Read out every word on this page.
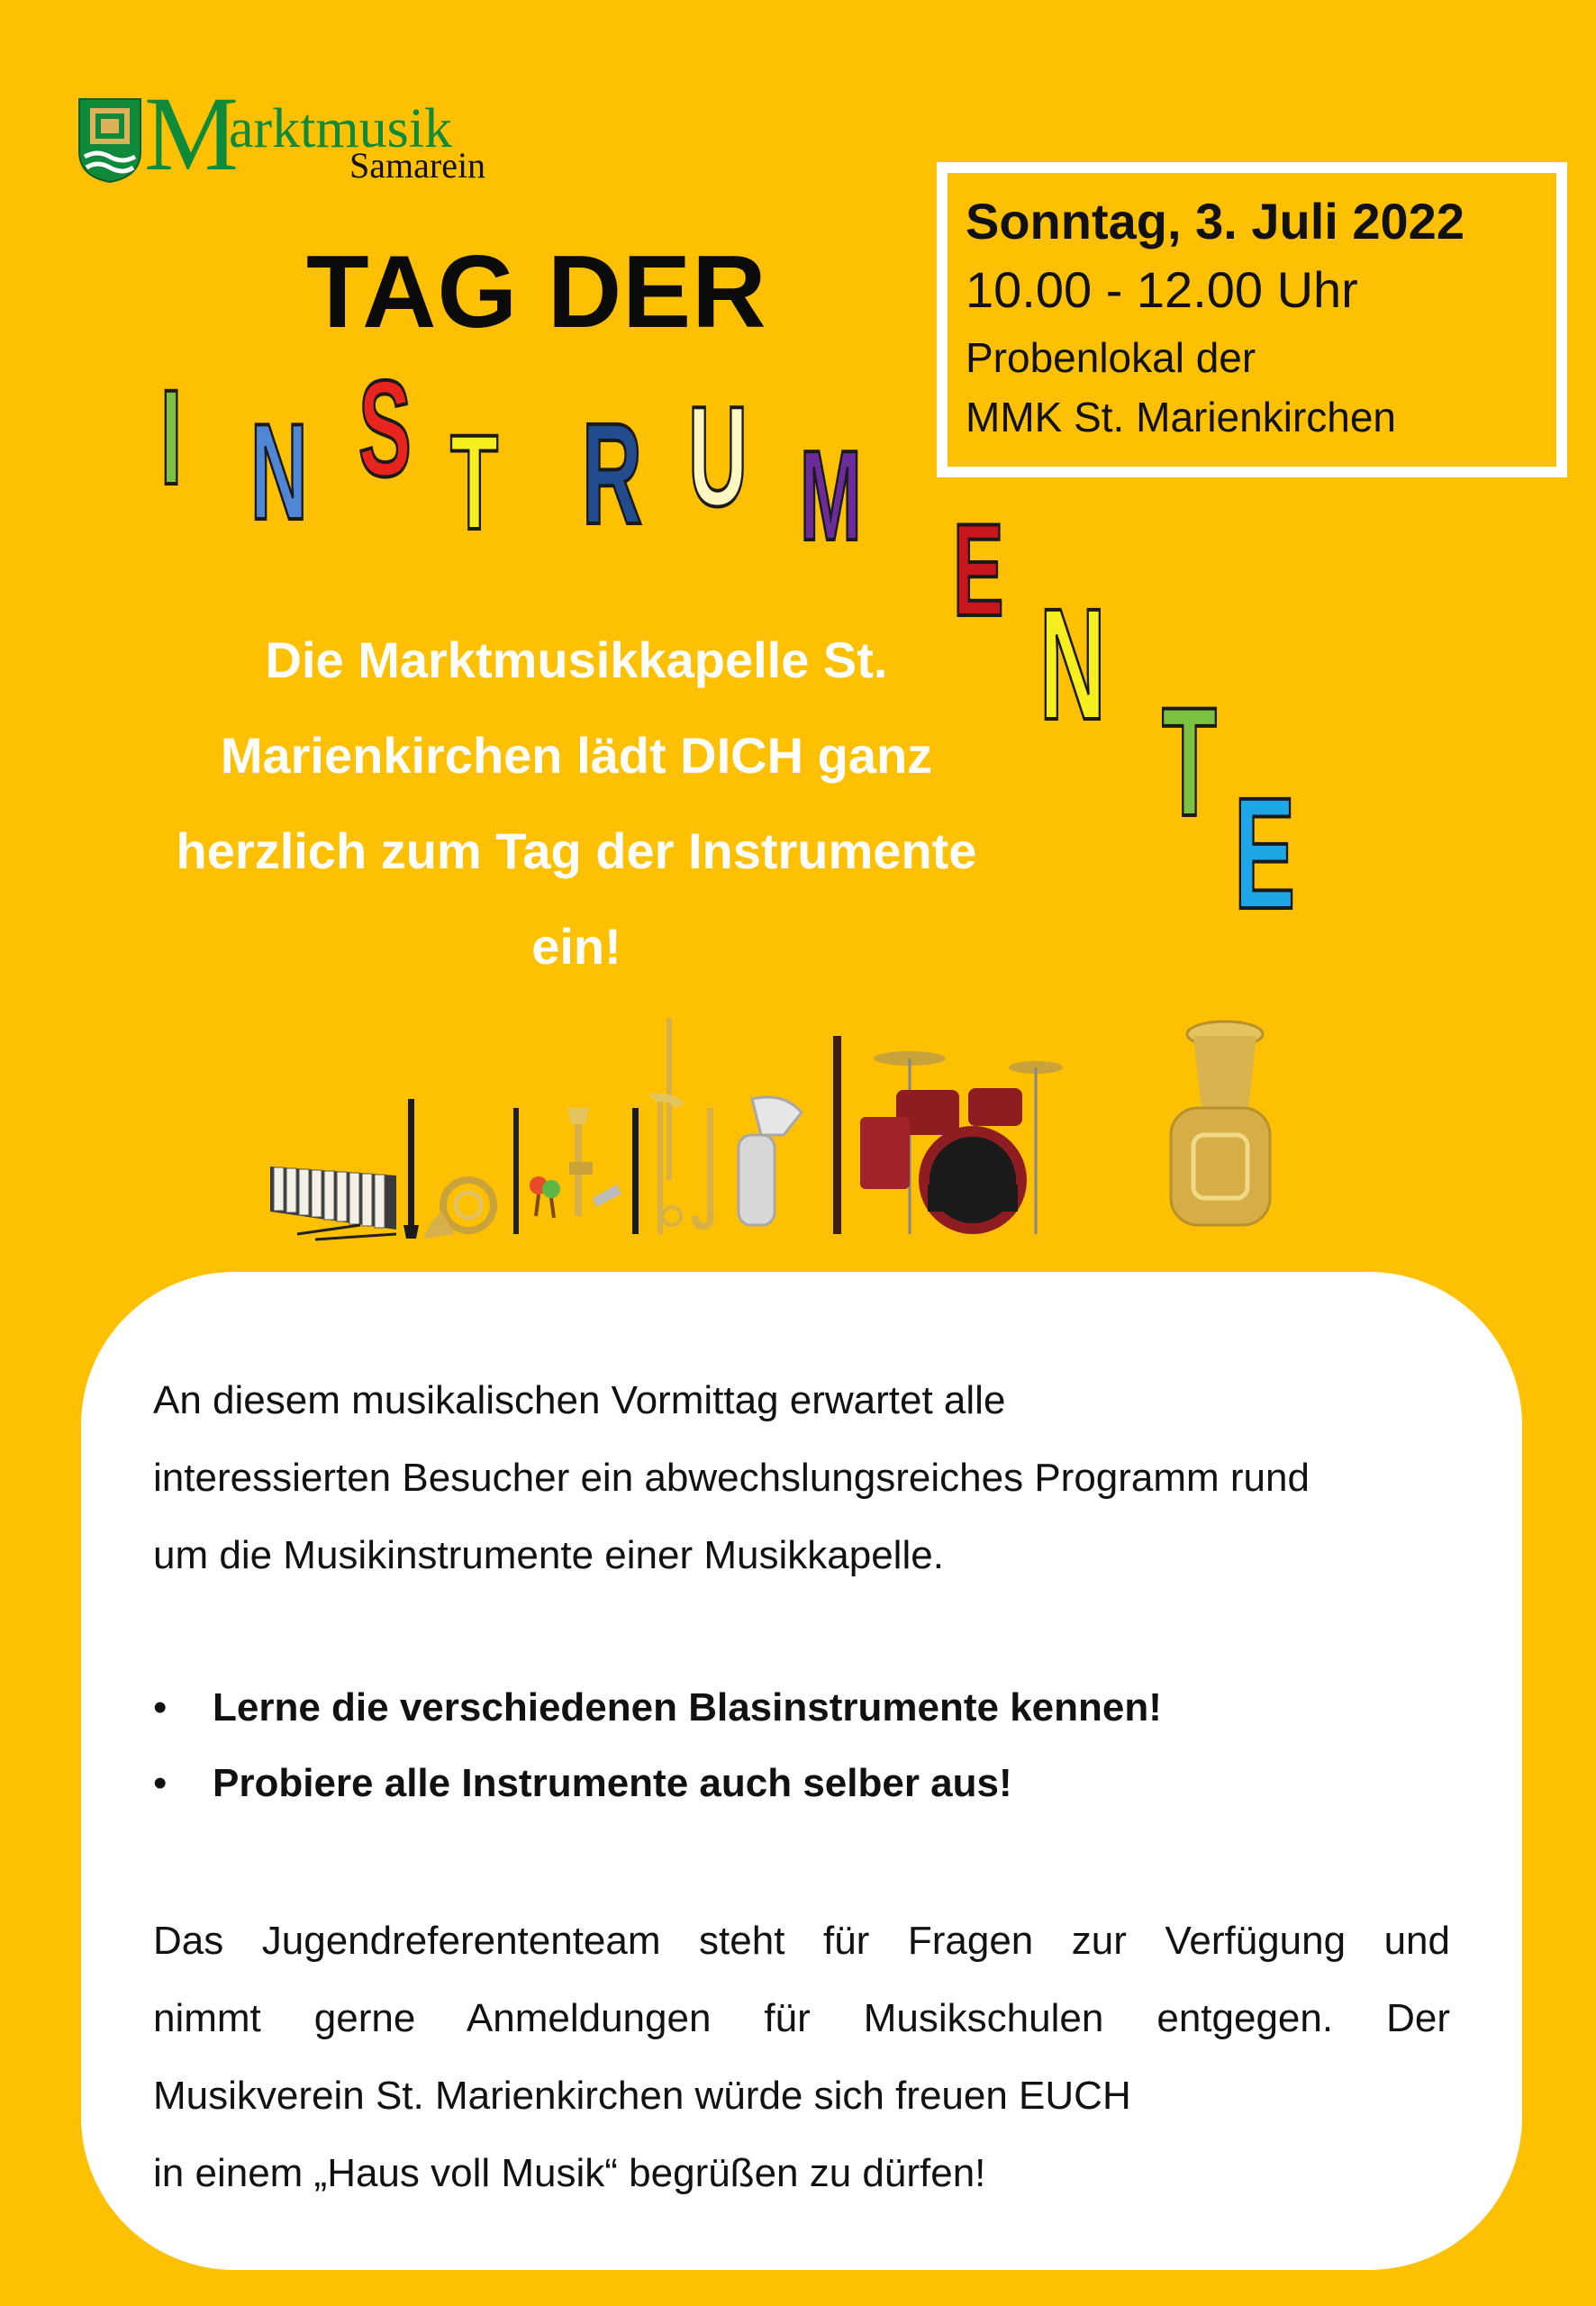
M
arktmusik
Samarein
Sonntag, 3. Juli 2022
10.00 - 12.00 Uhr
Probenlokal der
MMK St. Marienkirchen
TAG DER
I N S T R U M
E
N
T
E
Die Marktmusikkapelle St.
Marienkirchen lädt DICH ganz
herzlich zum Tag der Instrumente
ein!

An diesem musikalischen Vormittag erwartet alle

interessierten Besucher ein abwechslungsreiches Programm rund

um die Musikinstrumente einer Musikkapelle.

• Lerne die verschiedenen Blasinstrumente kennen!
• Probiere alle Instrumente auch selber aus!
Das Jugendreferententeam steht für Fragen zur Verfügung und
nimmt gerne Anmeldungen für Musikschulen entgegen. Der
Musikverein St. Marienkirchen würde sich freuen EUCH
in einem „Haus voll Musik“ begrüßen zu dürfen!
